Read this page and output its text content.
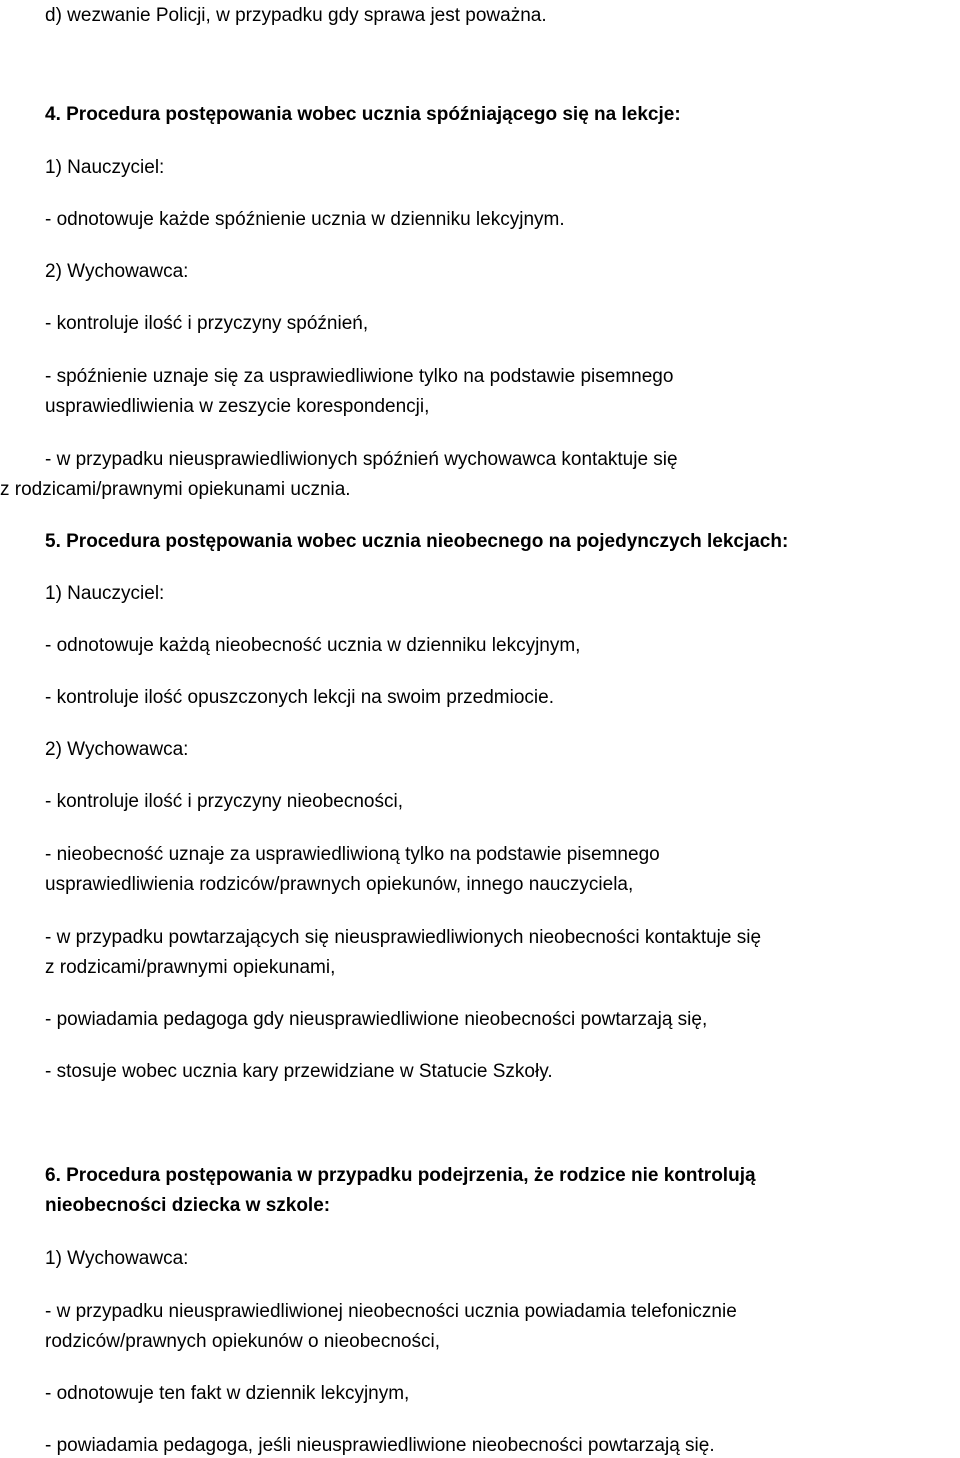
d) wezwanie Policji, w przypadku gdy sprawa jest poważna.
4. Procedura postępowania wobec ucznia spóźniającego się na lekcje:
1) Nauczyciel:
- odnotowuje każde spóźnienie ucznia w dzienniku lekcyjnym.
2) Wychowawca:
- kontroluje ilość i przyczyny spóźnień,
- spóźnienie uznaje się za usprawiedliwione tylko na podstawie pisemnego
usprawiedliwienia w zeszycie korespondencji,
- w przypadku nieusprawiedliwionych spóźnień wychowawca kontaktuje się
z rodzicami/prawnymi opiekunami ucznia.
5. Procedura postępowania wobec ucznia nieobecnego na pojedynczych lekcjach:
1) Nauczyciel:
- odnotowuje każdą nieobecność ucznia w dzienniku lekcyjnym,
- kontroluje ilość opuszczonych lekcji na swoim przedmiocie.
2) Wychowawca:
- kontroluje ilość i przyczyny nieobecności,
- nieobecność uznaje za usprawiedliwioną tylko na podstawie pisemnego
usprawiedliwienia rodziców/prawnych opiekunów, innego nauczyciela,
- w przypadku powtarzających się nieusprawiedliwionych nieobecności kontaktuje się
z rodzicami/prawnymi opiekunami,
- powiadamia pedagoga gdy nieusprawiedliwione nieobecności powtarzają się,
- stosuje wobec ucznia kary przewidziane w Statucie Szkoły.
6. Procedura postępowania w przypadku podejrzenia, że rodzice nie kontrolują
nieobecności dziecka w szkole:
1) Wychowawca:
- w przypadku nieusprawiedliwionej nieobecności ucznia powiadamia telefonicznie
rodziców/prawnych opiekunów o nieobecności,
- odnotowuje ten fakt w dziennik lekcyjnym,
- powiadamia pedagoga, jeśli nieusprawiedliwione nieobecności powtarzają się.
